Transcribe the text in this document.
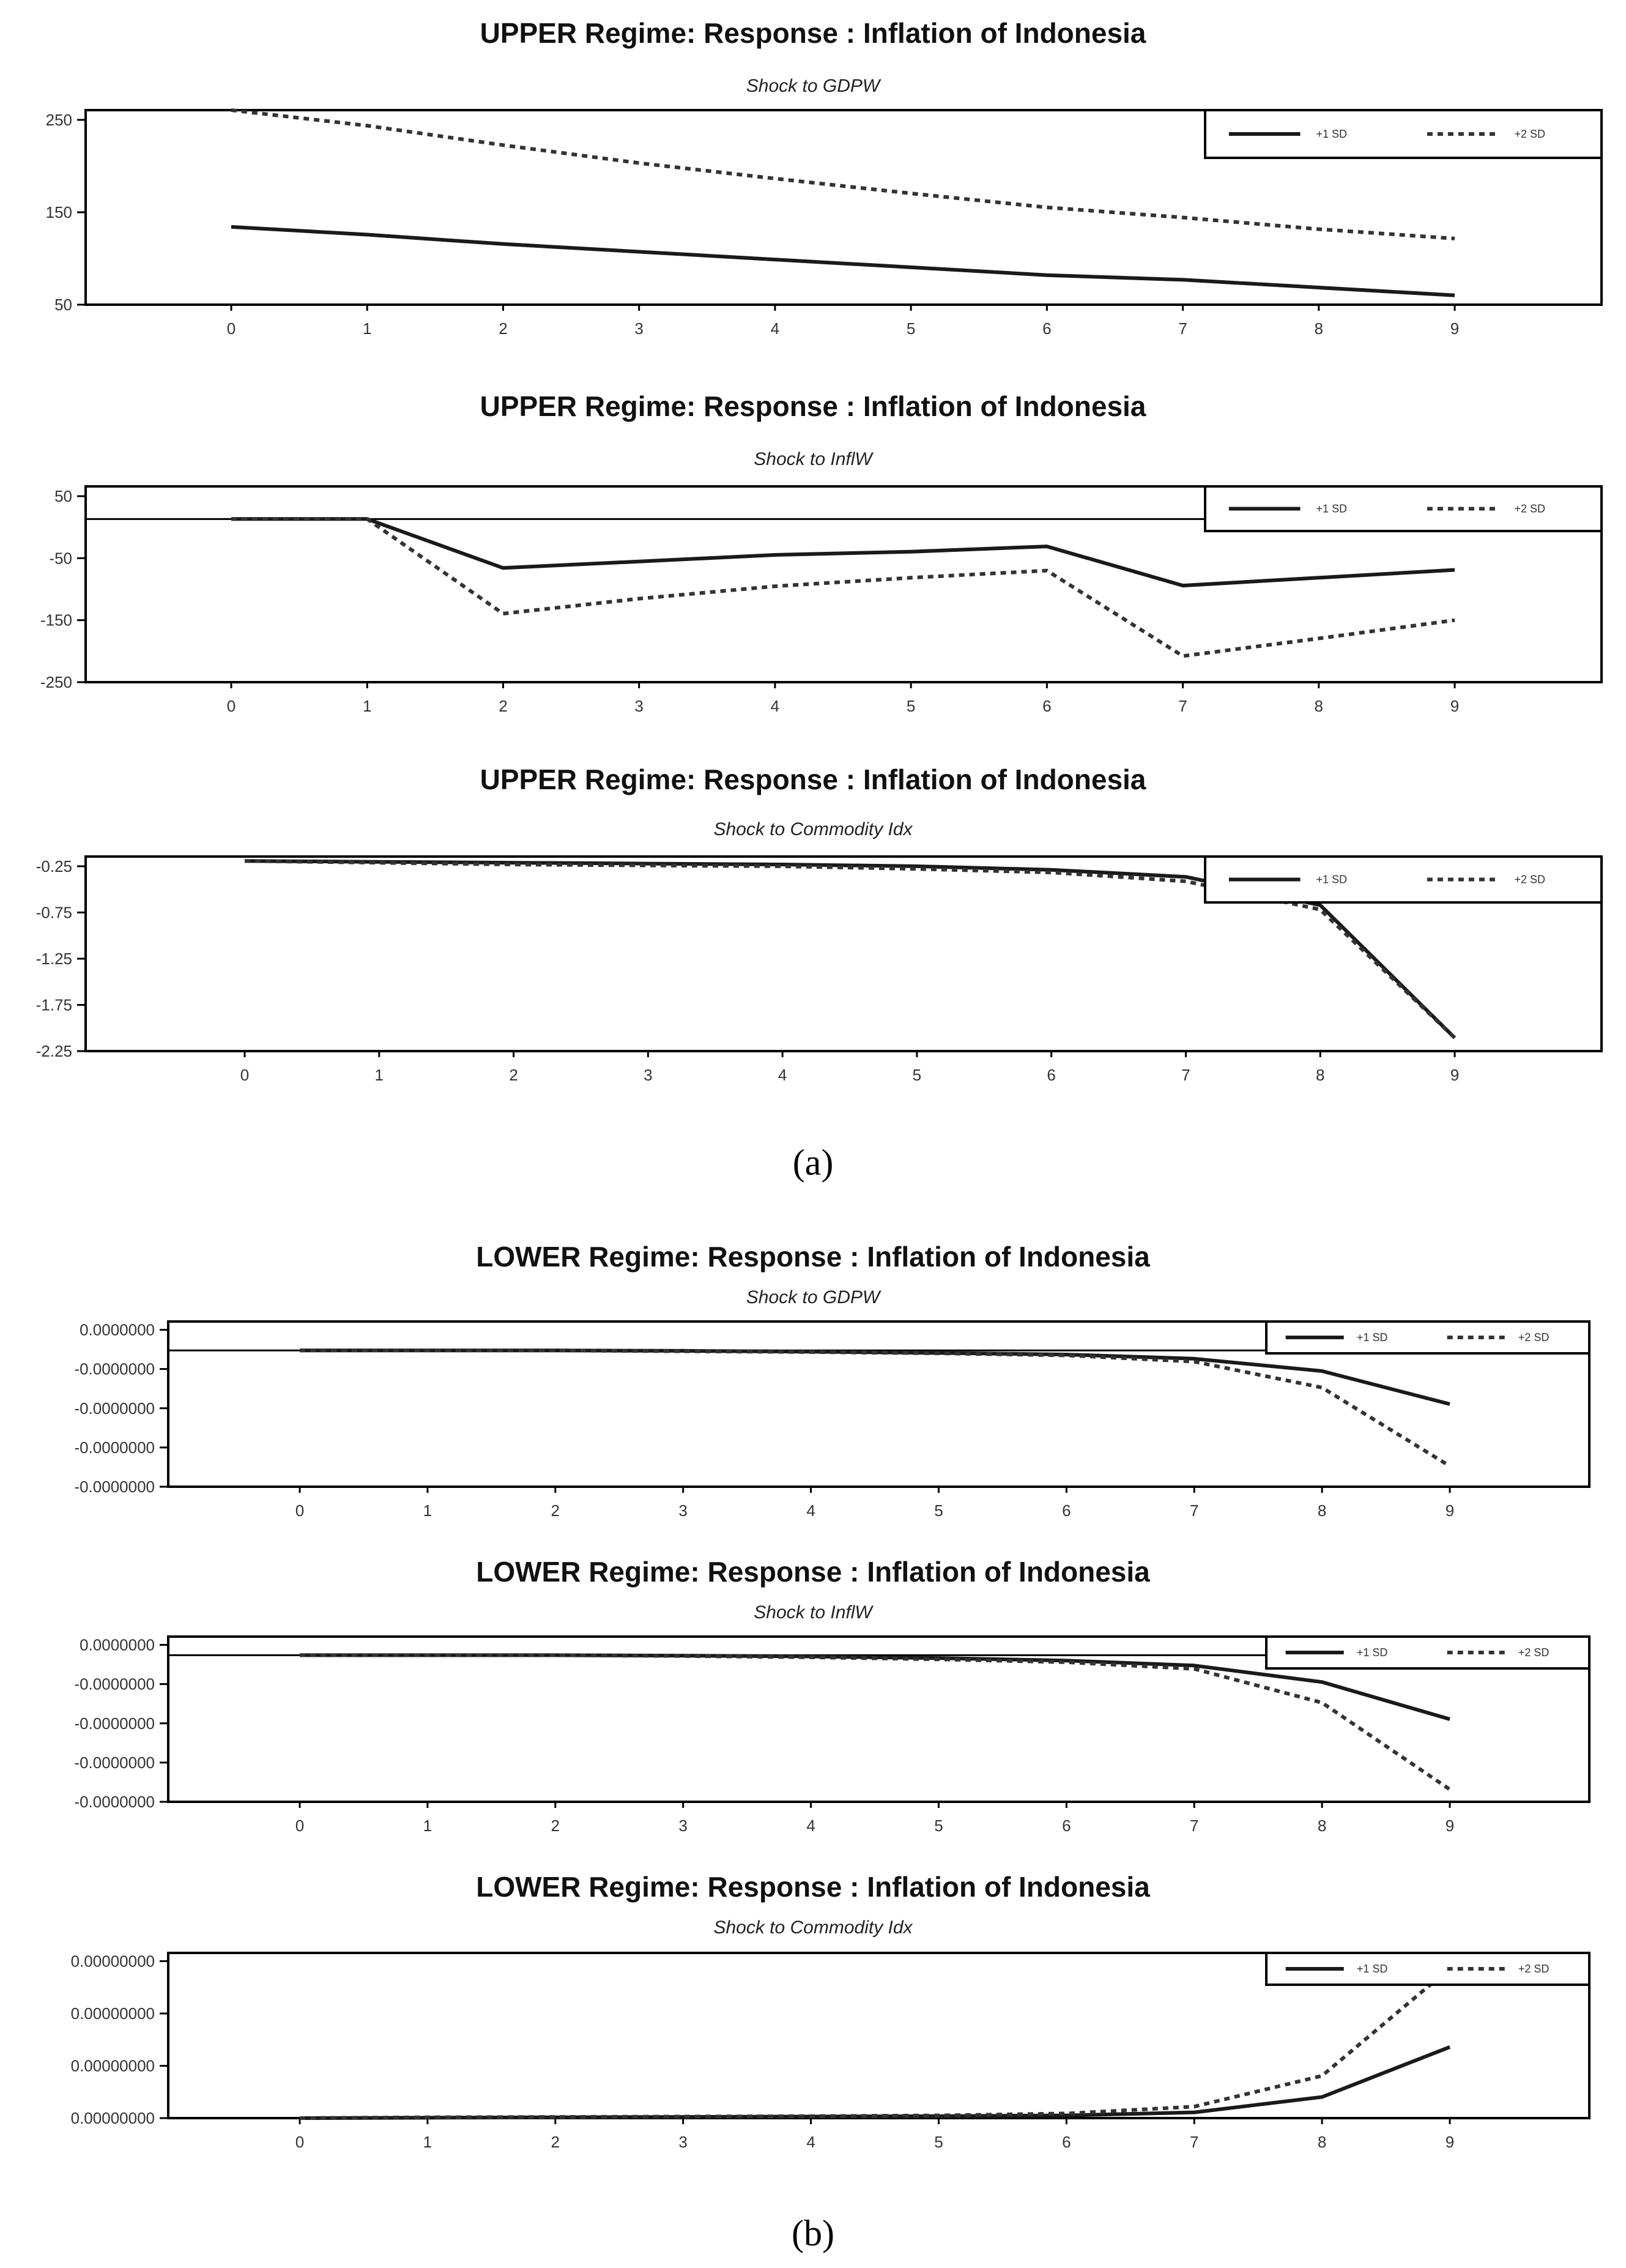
(a)
(b)
UPPER Regime: Response : Inflation of Indonesia
Shock to GDPW
250
150
50
0	1	2	3	4	5	6	7	8	9
+1 SD	+2 SD
UPPER Regime: Response : Inflation of Indonesia
Shock to InflW
50
-50
-150
-250
0	1	2	3	4	5	6	7	8	9
+1 SD	+2 SD
UPPER Regime: Response : Inflation of Indonesia
Shock to Commodity Idx
-0.25
-0.75
-1.25
-1.75
-2.25
0	1	2	3	4	5	6	7	8	9
+1 SD	+2 SD
LOWER Regime: Response : Inflation of Indonesia
Shock to GDPW
0.0000000
-0.0000000
-0.0000000
-0.0000000
-0.0000000
0	1	2	3	4	5	6	7	8	9
+1 SD	+2 SD
LOWER Regime: Response : Inflation of Indonesia
Shock to InflW
0.0000000
-0.0000000
-0.0000000
-0.0000000
-0.0000000
0	1	2	3	4	5	6	7	8	9
+1 SD	+2 SD
LOWER Regime: Response : Inflation of Indonesia
Shock to Commodity Idx
0.00000000
0.00000000
0.00000000
0.00000000
0	1	2	3	4	5	6	7	8	9
+1 SD	+2 SD
